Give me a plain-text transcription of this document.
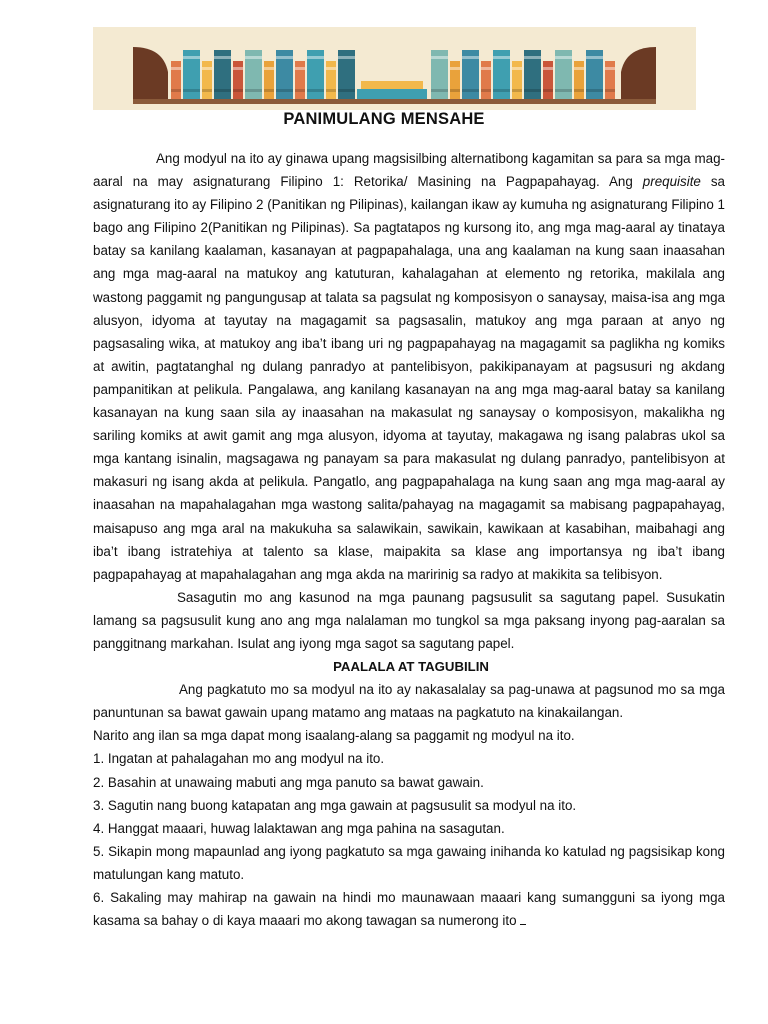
PANIMULANG MENSAHE

Ang modyul na ito ay ginawa upang magsisilbing alternatibong kagamitan sa para sa mga mag-aaral na may asignaturang Filipino 1: Retorika/ Masining na Pagpapahayag. Ang prequisite sa asignaturang ito ay Filipino 2 (Panitikan ng Pilipinas), kailangan ikaw ay kumuha ng asignaturang Filipino 1 bago ang Filipino 2(Panitikan ng Pilipinas). Sa pagtatapos ng kursong ito, ang mga mag-aaral ay tinataya batay sa kanilang kaalaman, kasanayan at pagpapahalaga, una ang kaalaman na kung saan inaasahan ang mga mag-aaral na matukoy ang katuturan, kahalagahan at elemento ng retorika, makilala ang wastong paggamit ng pangungusap at talata sa pagsulat ng komposisyon o sanaysay, maisa-isa ang mga alusyon, idyoma at tayutay na magagamit sa pagsasalin, matukoy ang mga paraan at anyo ng pagsasaling wika, at matukoy ang iba’t ibang uri ng pagpapahayag na magagamit sa paglikha ng komiks at awitin, pagtatanghal ng dulang panradyo at pantelibisyon, pakikipanayam at pagsusuri ng akdang pampanitikan at pelikula. Pangalawa, ang kanilang kasanayan na ang mga mag-aaral batay sa kanilang kasanayan na kung saan sila ay inaasahan na makasulat ng sanaysay o komposisyon, makalikha ng sariling komiks at awit gamit ang mga alusyon, idyoma at tayutay, makagawa ng isang palabras ukol sa mga kantang isinalin, magsagawa ng panayam sa para makasulat ng dulang panradyo, pantelibisyon at makasuri ng isang akda at pelikula. Pangatlo, ang pagpapahalaga na kung saan ang mga mag-aaral ay inaasahan na mapahalagahan mga wastong salita/pahayag na magagamit sa mabisang pagpapahayag, maisapuso ang mga aral na makukuha sa salawikain, sawikain, kawikaan at kasabihan, maibahagi ang iba’t ibang istratehiya at talento sa klase, maipakita sa klase ang importansya ng iba’t ibang pagpapahayag at mapahalagahan ang mga akda na maririnig sa radyo at makikita sa telibisyon.

Sasagutin mo ang kasunod na mga paunang pagsusulit sa sagutang papel. Susukatin lamang sa pagsusulit kung ano ang mga nalalaman mo tungkol sa mga paksang inyong pag-aaralan sa panggitnang markahan. Isulat ang iyong mga sagot sa sagutang papel.

PAALALA AT TAGUBILIN

Ang pagkatuto mo sa modyul na ito ay nakasalalay sa pag-unawa at pagsunod mo sa mga panuntunan sa bawat gawain upang matamo ang mataas na pagkatuto na kinakailangan.

Narito ang ilan sa mga dapat mong isaalang-alang sa paggamit ng modyul na ito.

1. Ingatan at pahalagahan mo ang modyul na ito.

2. Basahin at unawaing mabuti ang mga panuto sa bawat gawain.

3. Sagutin nang buong katapatan ang mga gawain at pagsusulit sa modyul na ito.

4. Hanggat maaari, huwag lalaktawan ang mga pahina na sasagutan.

5. Sikapin mong mapaunlad ang iyong pagkatuto sa mga gawaing inihanda ko katulad ng pagsisikap kong matulungan kang matuto.

6. Sakaling may mahirap na gawain na hindi mo maunawaan maaari kang sumangguni sa iyong mga kasama sa bahay o di kaya maaari mo akong tawagan sa numerong ito
